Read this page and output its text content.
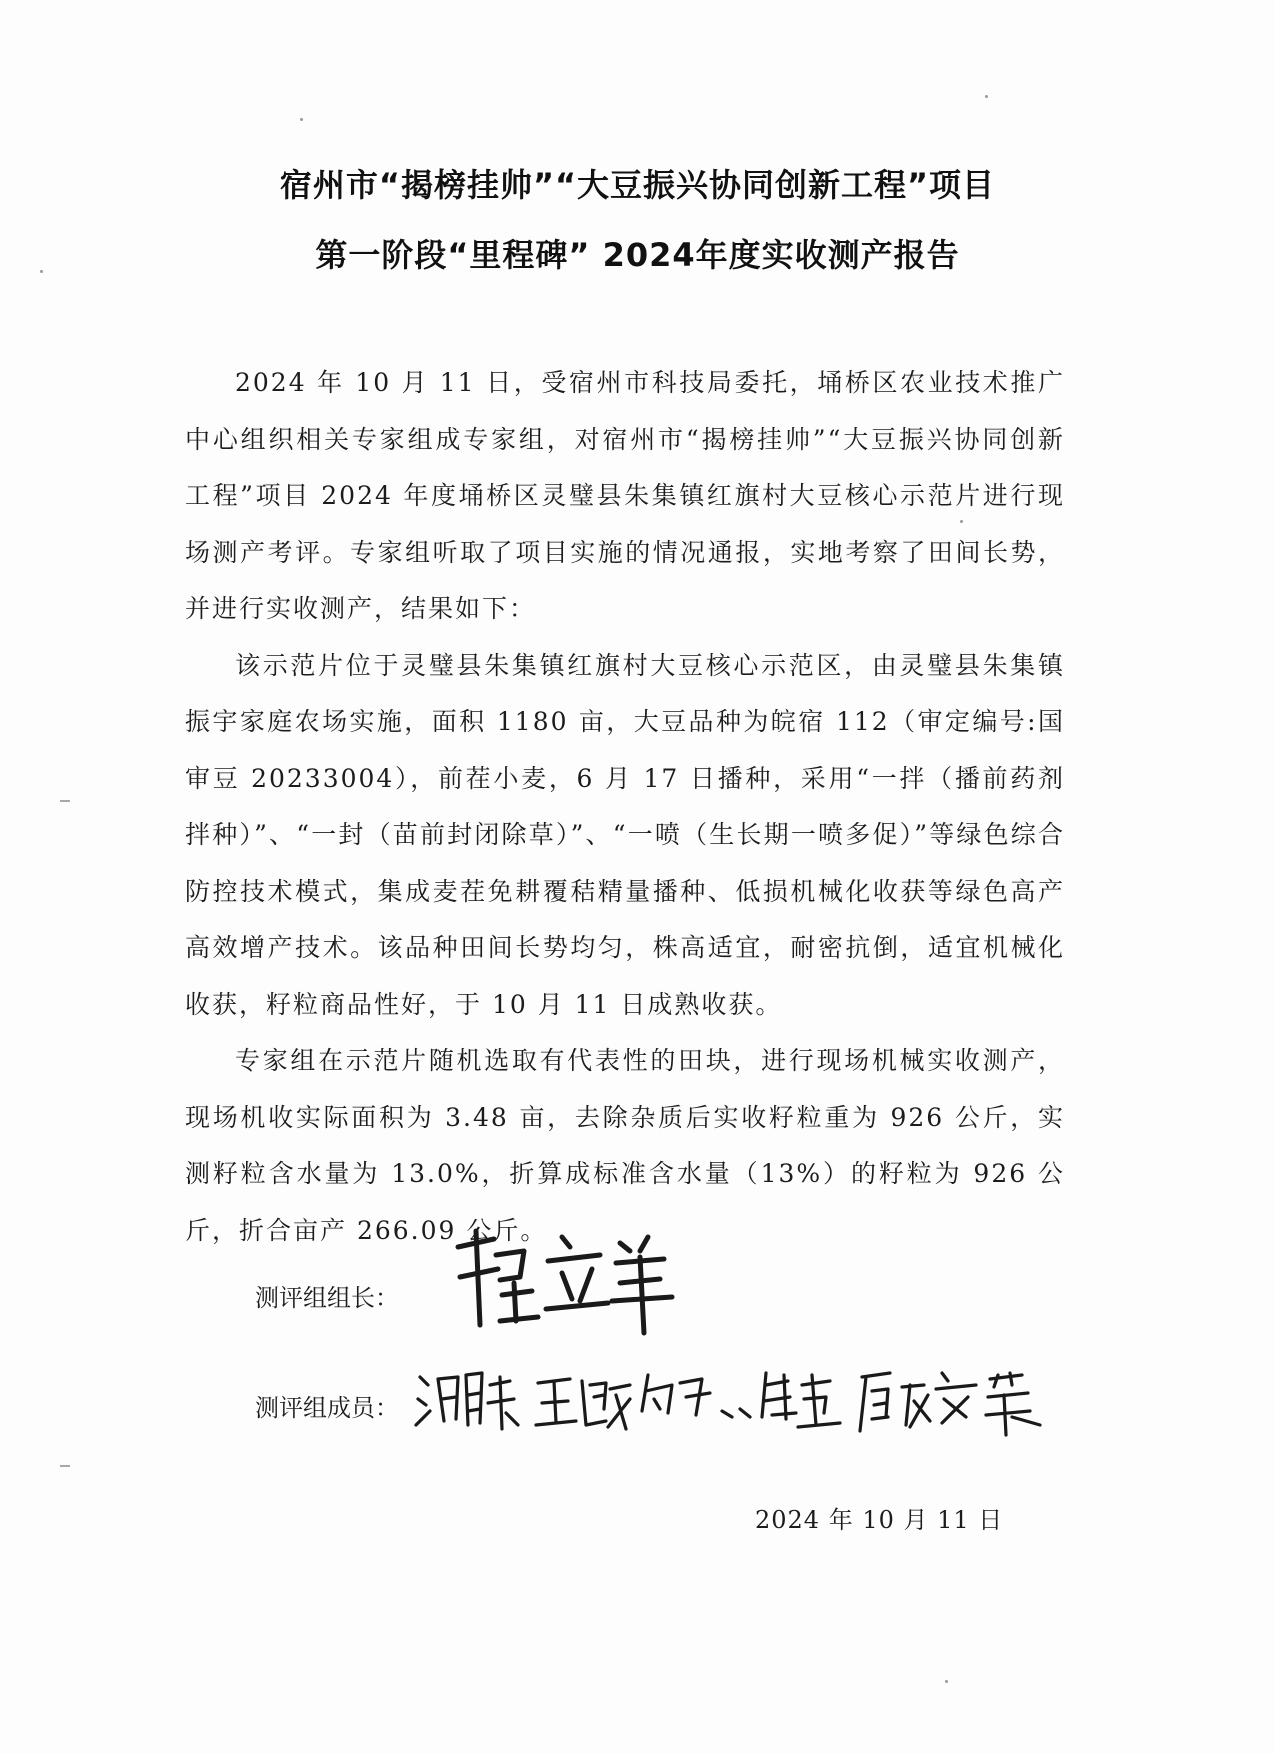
宿州市“揭榜挂帅”“大豆振兴协同创新工程”项目
第一阶段“里程碑” 2024年度实收测产报告

2024 年 10 月 11 日，受宿州市科技局委托，埇桥区农业技术推广中心组织相关专家组成专家组，对宿州市“揭榜挂帅”“大豆振兴协同创新工程”项目 2024 年度埇桥区灵璧县朱集镇红旗村大豆核心示范片进行现场测产考评。专家组听取了项目实施的情况通报，实地考察了田间长势，并进行实收测产，结果如下：

该示范片位于灵璧县朱集镇红旗村大豆核心示范区，由灵璧县朱集镇振宇家庭农场实施，面积 1180 亩，大豆品种为皖宿 112（审定编号:国审豆 20233004），前茬小麦，6 月 17 日播种，采用“一拌（播前药剂拌种）”、“一封（苗前封闭除草）”、“一喷（生长期一喷多促）”等绿色综合防控技术模式，集成麦茬免耕覆秸精量播种、低损机械化收获等绿色高产高效增产技术。该品种田间长势均匀，株高适宜，耐密抗倒，适宜机械化收获，籽粒商品性好，于 10 月 11 日成熟收获。

专家组在示范片随机选取有代表性的田块，进行现场机械实收测产，现场机收实际面积为 3.48 亩，去除杂质后实收籽粒重为 926 公斤，实测籽粒含水量为 13.0%，折算成标准含水量（13%）的籽粒为 926 公斤，折合亩产 266.09 公斤。

测评组组长：
测评组成员：
2024 年 10 月 11 日
